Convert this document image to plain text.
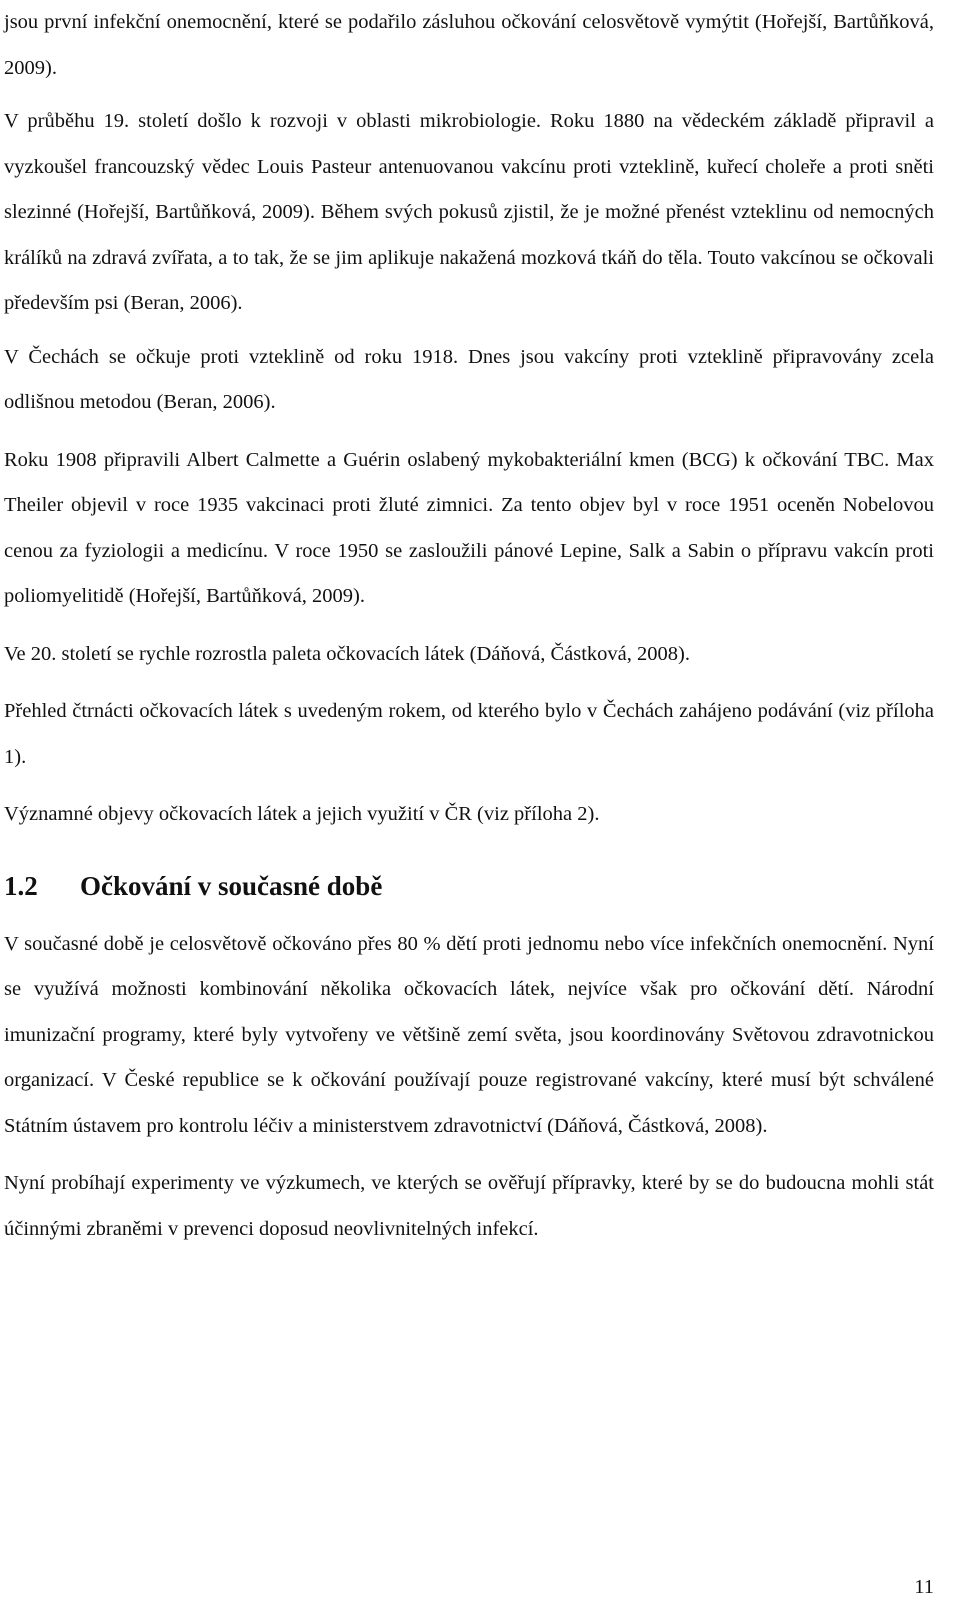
jsou první infekční onemocnění, které se podařilo zásluhou očkování celosvětově vymýtit (Hořejší, Bartůňková, 2009).

V průběhu 19. století došlo k rozvoji v oblasti mikrobiologie. Roku 1880 na vědeckém základě připravil a vyzkoušel francouzský vědec Louis Pasteur antenuovanou vakcínu proti vzteklině, kuřecí choleře a proti sněti slezinné (Hořejší, Bartůňková, 2009). Během svých pokusů zjistil, že je možné přenést vzteklinu od nemocných králíků na zdravá zvířata, a to tak, že se jim aplikuje nakažená mozková tkáň do těla. Touto vakcínou se očkovali především psi (Beran, 2006).

V Čechách se očkuje proti vzteklině od roku 1918. Dnes jsou vakcíny proti vzteklině připravovány zcela odlišnou metodou (Beran, 2006).

Roku 1908 připravili Albert Calmette a Guérin oslabený mykobakteriální kmen (BCG) k očkování TBC. Max Theiler objevil v roce 1935 vakcinaci proti žluté zimnici. Za tento objev byl v roce 1951 oceněn Nobelovou cenou za fyziologii a medicínu. V roce 1950 se zasloužili pánové Lepine, Salk a Sabin o přípravu vakcín proti poliomyelitidě (Hořejší, Bartůňková, 2009).

Ve 20. století se rychle rozrostla paleta očkovacích látek (Dáňová, Částková, 2008).

Přehled čtrnácti očkovacích látek s uvedeným rokem, od kterého bylo v Čechách zahájeno podávání (viz příloha 1).

Významné objevy očkovacích látek a jejich využití v ČR (viz příloha 2).

1.2 Očkování v současné době

V současné době je celosvětově očkováno přes 80 % dětí proti jednomu nebo více infekčních onemocnění. Nyní se využívá možnosti kombinování několika očkovacích látek, nejvíce však pro očkování dětí. Národní imunizační programy, které byly vytvořeny ve většině zemí světa, jsou koordinovány Světovou zdravotnickou organizací. V České republice se k očkování používají pouze registrované vakcíny, které musí být schválené Státním ústavem pro kontrolu léčiv a ministerstvem zdravotnictví (Dáňová, Částková, 2008).

Nyní probíhají experimenty ve výzkumech, ve kterých se ověřují přípravky, které by se do budoucna mohli stát účinnými zbraněmi v prevenci doposud neovlivnitelných infekcí.

11
